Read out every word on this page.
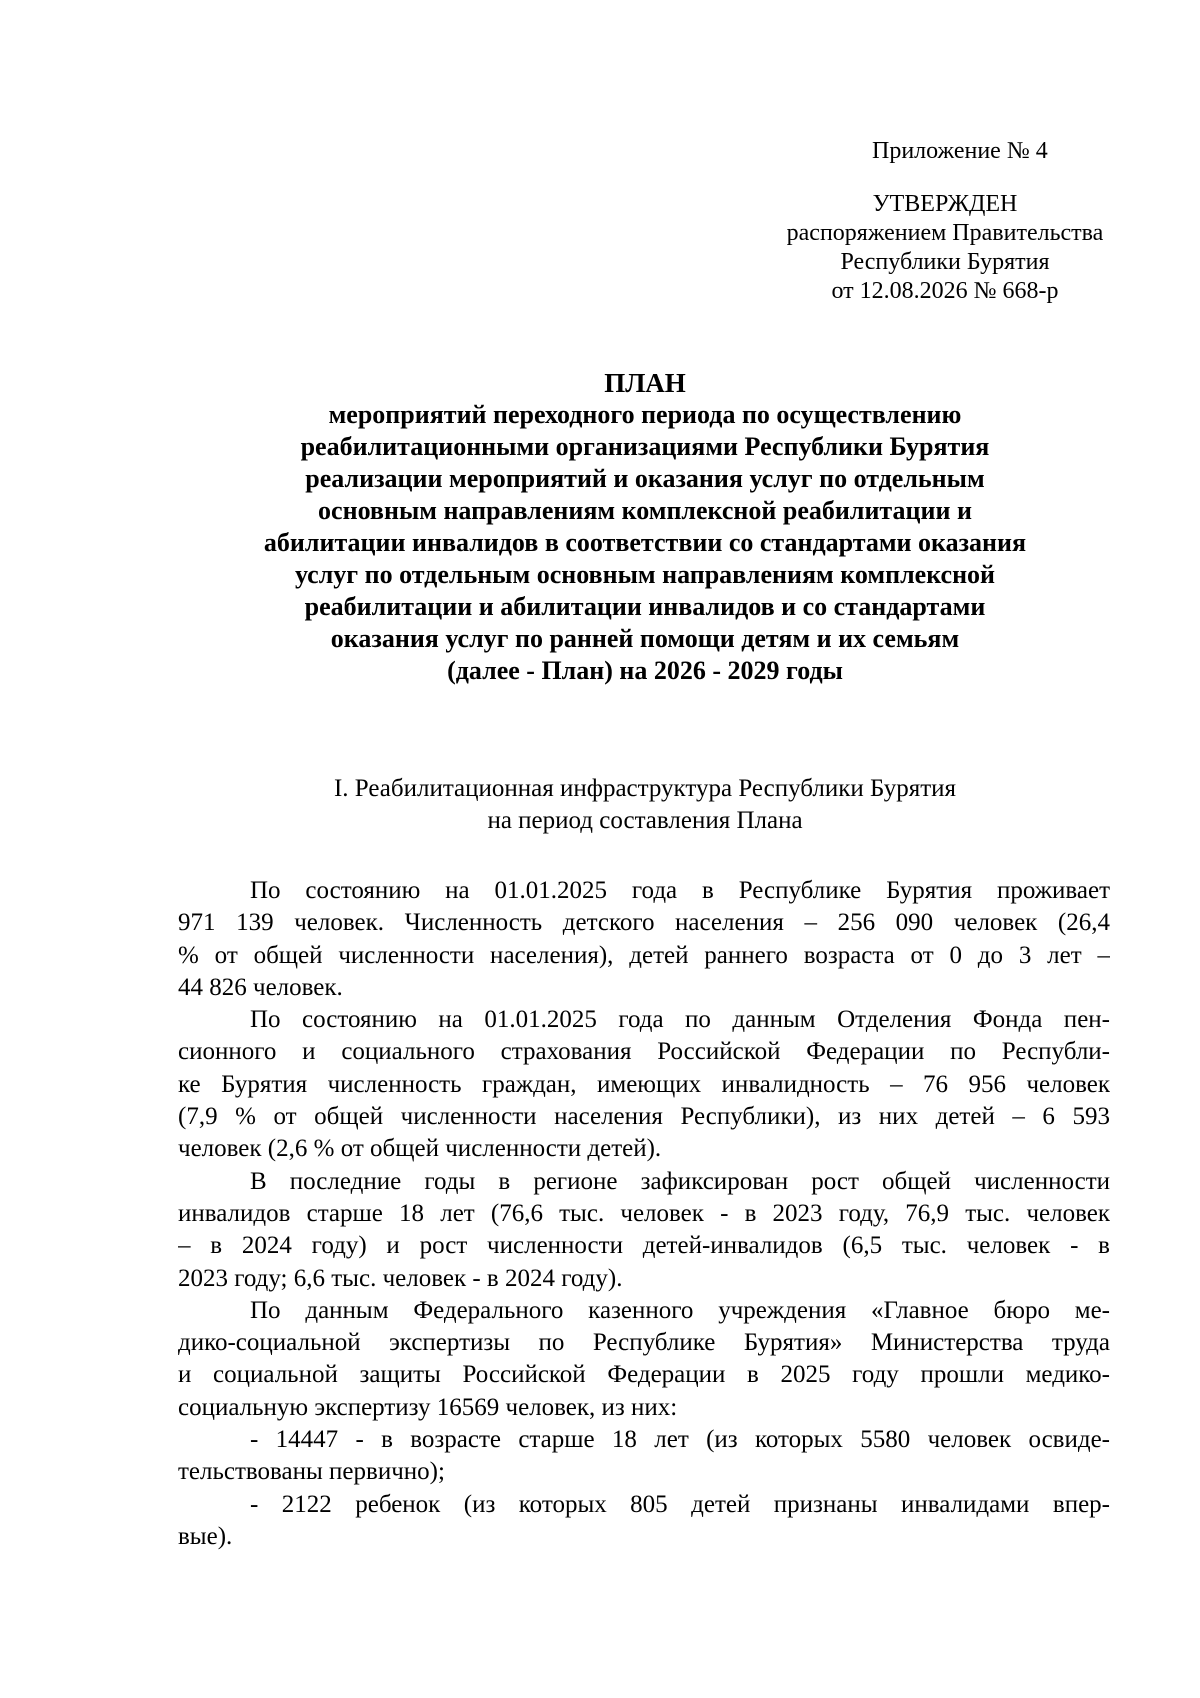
Приложение № 4
УТВЕРЖДЕН
распоряжением Правительства
Республики Бурятия
от 12.08.2026 № 668-р
ПЛАН
мероприятий переходного периода по осуществлению
реабилитационными организациями Республики Бурятия
реализации мероприятий и оказания услуг по отдельным
основным направлениям комплексной реабилитации и
абилитации инвалидов в соответствии со стандартами оказания
услуг по отдельным основным направлениям комплексной
реабилитации и абилитации инвалидов и со стандартами
оказания услуг по ранней помощи детям и их семьям
(далее - План) на 2026 - 2029 годы
I. Реабилитационная инфраструктура Республики Бурятия
на период составления Плана
По состоянию на 01.01.2025 года в Республике Бурятия проживает
971 139 человек. Численность детского населения – 256 090 человек (26,4
% от общей численности населения), детей раннего возраста от 0 до 3 лет –
44 826 человек.
По состоянию на 01.01.2025 года по данным Отделения Фонда пен-
сионного и социального страхования Российской Федерации по Республи-
ке Бурятия численность граждан, имеющих инвалидность – 76 956 человек
(7,9 % от общей численности населения Республики), из них детей – 6 593
человек (2,6 % от общей численности детей).
В последние годы в регионе зафиксирован рост общей численности
инвалидов старше 18 лет (76,6 тыс. человек - в 2023 году, 76,9 тыс. человек
– в 2024 году) и рост численности детей-инвалидов (6,5 тыс. человек - в
2023 году; 6,6 тыс. человек - в 2024 году).
По данным Федерального казенного учреждения «Главное бюро ме-
дико-социальной экспертизы по Республике Бурятия» Министерства труда
и социальной защиты Российской Федерации в 2025 году прошли медико-
социальную экспертизу 16569 человек, из них:
- 14447 - в возрасте старше 18 лет (из которых 5580 человек освиде-
тельствованы первично);
- 2122 ребенок (из которых 805 детей признаны инвалидами впер-
вые).
